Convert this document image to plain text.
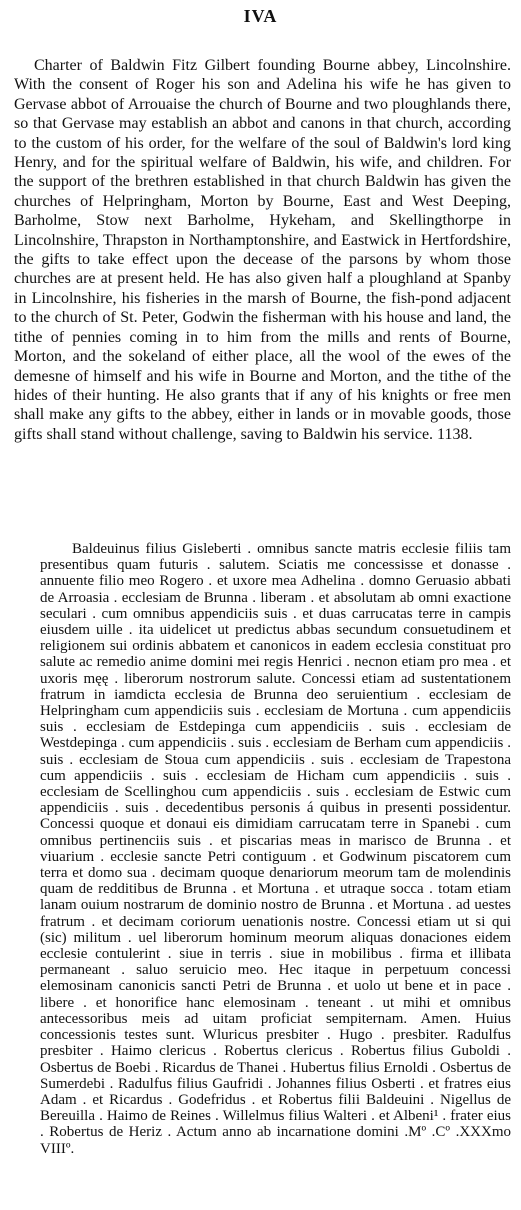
IVA

Charter of Baldwin Fitz Gilbert founding Bourne abbey, Lincolnshire. With the consent of Roger his son and Adelina his wife he has given to Gervase abbot of Arrouaise the church of Bourne and two ploughlands there, so that Gervase may establish an abbot and canons in that church, according to the custom of his order, for the welfare of the soul of Baldwin's lord king Henry, and for the spiritual welfare of Baldwin, his wife, and children. For the support of the brethren established in that church Baldwin has given the churches of Helpringham, Morton by Bourne, East and West Deeping, Barholme, Stow next Barholme, Hykeham, and Skellingthorpe in Lincolnshire, Thrapston in Northamptonshire, and Eastwick in Hertfordshire, the gifts to take effect upon the decease of the parsons by whom those churches are at present held. He has also given half a ploughland at Spanby in Lincolnshire, his fisheries in the marsh of Bourne, the fish-pond adjacent to the church of St. Peter, Godwin the fisherman with his house and land, the tithe of pennies coming in to him from the mills and rents of Bourne, Morton, and the sokeland of either place, all the wool of the ewes of the demesne of himself and his wife in Bourne and Morton, and the tithe of the hides of their hunting. He also grants that if any of his knights or free men shall make any gifts to the abbey, either in lands or in movable goods, those gifts shall stand without challenge, saving to Baldwin his service. 1138.

Baldeuinus filius Gisleberti . omnibus sancte matris ecclesie filiis tam presentibus quam futuris . salutem. Sciatis me concessisse et donasse . annuente filio meo Rogero . et uxore mea Adhelina . domno Geruasio abbati de Arroasia . ecclesiam de Brunna . liberam . et absolutam ab omni exactione seculari . cum omnibus appendiciis suis . et duas carrucatas terre in campis eiusdem uille . ita uidelicet ut predictus abbas secundum consuetudinem et religionem sui ordinis abbatem et canonicos in eadem ecclesia constituat pro salute ac remedio anime domini mei regis Henrici . necnon etiam pro mea . et uxoris męę . liberorum nostrorum salute. Concessi etiam ad sustentationem fratrum in iamdicta ecclesia de Brunna deo seruientium . ecclesiam de Helpringham cum appendiciis suis . ecclesiam de Mortuna . cum appendiciis suis . ecclesiam de Estdepinga cum appendiciis . suis . ecclesiam de Westdepinga . cum appendiciis . suis . ecclesiam de Berham cum appendiciis . suis . ecclesiam de Stoua cum appendiciis . suis . ecclesiam de Trapestona cum appendiciis . suis . ecclesiam de Hicham cum appendiciis . suis . ecclesiam de Scellinghou cum appendiciis . suis . ecclesiam de Estwic cum appendiciis . suis . decedentibus personis á quibus in presenti possidentur. Concessi quoque et donaui eis dimidiam carrucatam terre in Spanebi . cum omnibus pertinenciis suis . et piscarias meas in marisco de Brunna . et viuarium . ecclesie sancte Petri contiguum . et Godwinum piscatorem cum terra et domo sua . decimam quoque denariorum meorum tam de molendinis quam de redditibus de Brunna . et Mortuna . et utraque socca . totam etiam lanam ouium nostrarum de dominio nostro de Brunna . et Mortuna . ad uestes fratrum . et decimam coriorum uenationis nostre. Concessi etiam ut si qui (sic) militum . uel liberorum hominum meorum aliquas donaciones eidem ecclesie contulerint . siue in terris . siue in mobilibus . firma et illibata permaneant . saluo seruicio meo. Hec itaque in perpetuum concessi elemosinam canonicis sancti Petri de Brunna . et uolo ut bene et in pace . libere . et honorifice hanc elemosinam . teneant . ut mihi et omnibus antecessoribus meis ad uitam proficiat sempiternam. Amen. Huius concessionis testes sunt. Wluricus presbiter . Hugo . presbiter. Radulfus presbiter . Haimo clericus . Robertus clericus . Robertus filius Guboldi . Osbertus de Boebi . Ricardus de Thanei . Hubertus filius Ernoldi . Osbertus de Sumerdebi . Radulfus filius Gaufridi . Johannes filius Osberti . et fratres eius Adam . et Ricardus . Godefridus . et Robertus filii Baldeuini . Nigellus de Bereuilla . Haimo de Reines . Willelmus filius Walteri . et Albeni¹ . frater eius . Robertus de Heriz . Actum anno ab incarnatione domini .Mº .Cº .XXXmo VIIIº.
